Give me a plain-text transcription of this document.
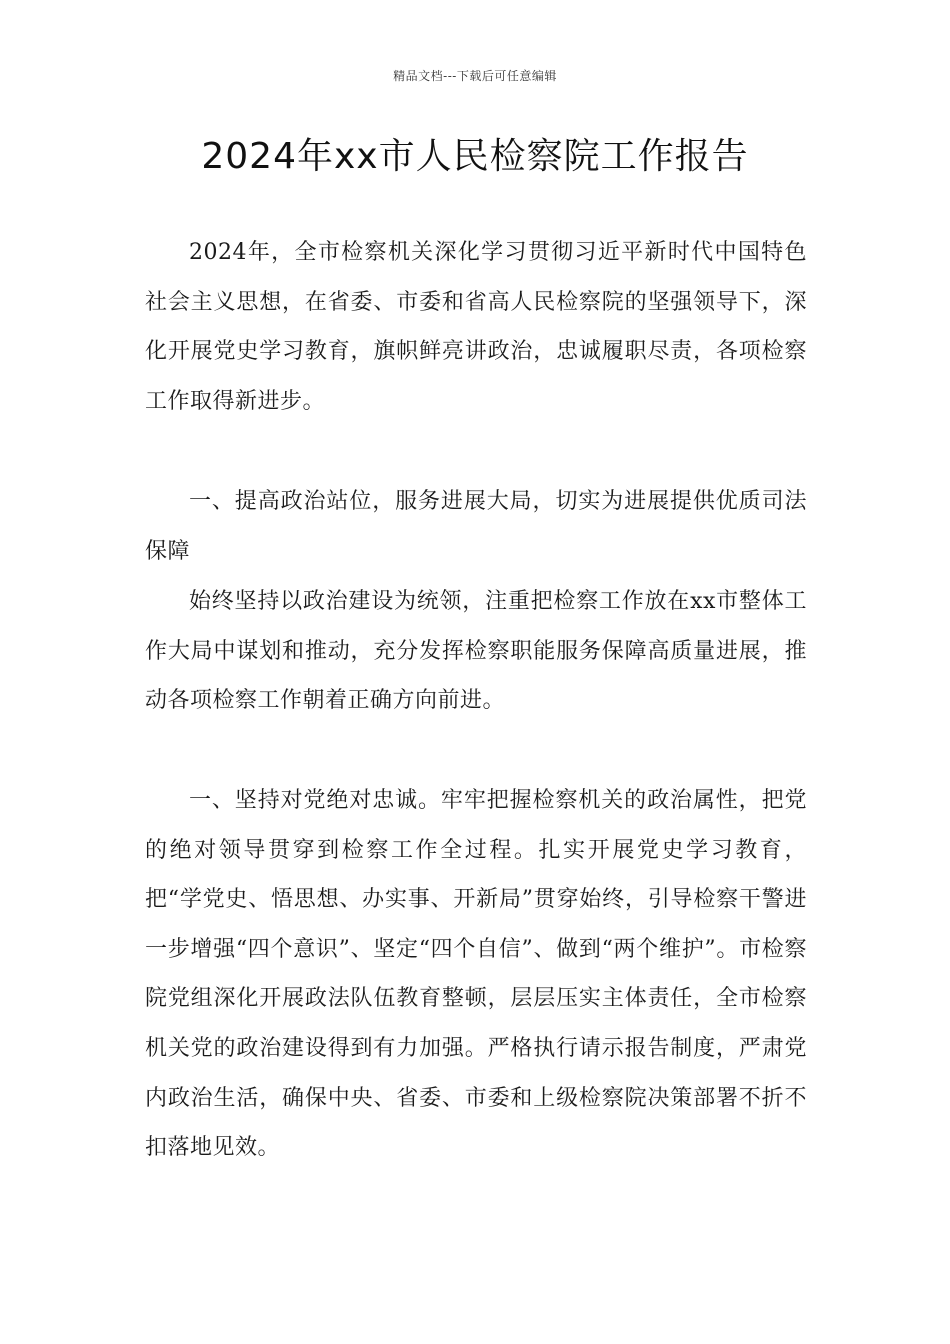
精品文档---下载后可任意编辑
2024年xx市人民检察院工作报告

2024年，全市检察机关深化学习贯彻习近平新时代中国特色社会主义思想，在省委、市委和省高人民检察院的坚强领导下，深化开展党史学习教育，旗帜鲜亮讲政治，忠诚履职尽责，各项检察工作取得新进步。

一、提高政治站位，服务进展大局，切实为进展提供优质司法保障

始终坚持以政治建设为统领，注重把检察工作放在xx市整体工作大局中谋划和推动，充分发挥检察职能服务保障高质量进展，推动各项检察工作朝着正确方向前进。

一、坚持对党绝对忠诚。牢牢把握检察机关的政治属性，把党的绝对领导贯穿到检察工作全过程。扎实开展党史学习教育，把“学党史、悟思想、办实事、开新局”贯穿始终，引导检察干警进一步增强“四个意识”、坚定“四个自信”、做到“两个维护”。市检察院党组深化开展政法队伍教育整顿，层层压实主体责任，全市检察机关党的政治建设得到有力加强。严格执行请示报告制度，严肃党内政治生活，确保中央、省委、市委和上级检察院决策部署不折不扣落地见效。
